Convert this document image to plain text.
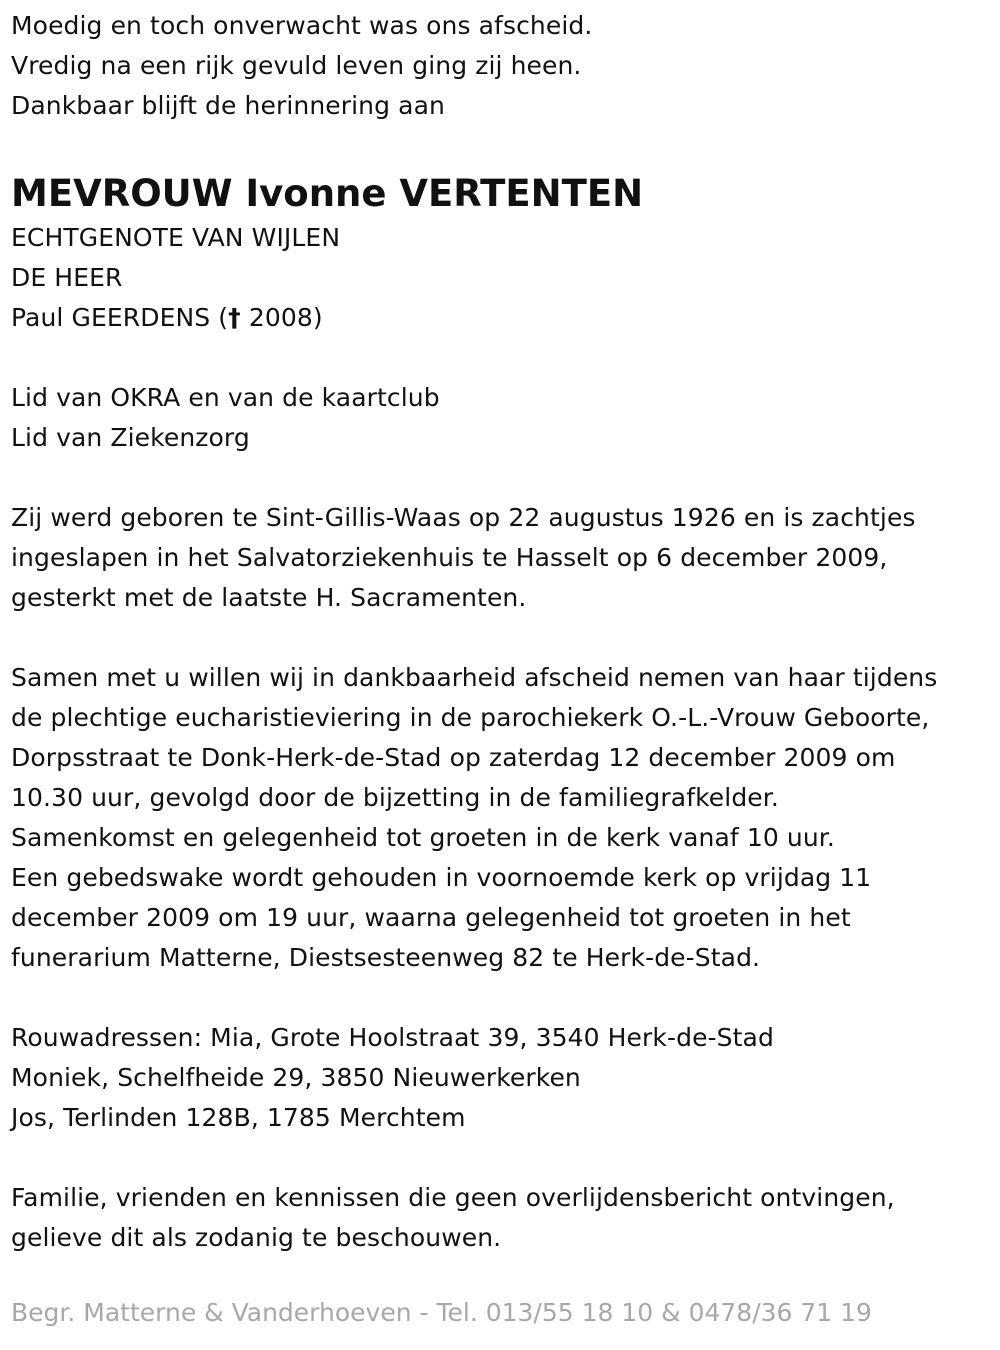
Moedig en toch onverwacht was ons afscheid.
Vredig na een rijk gevuld leven ging zij heen.
Dankbaar blijft de herinnering aan
MEVROUW Ivonne VERTENTEN
ECHTGENOTE VAN WIJLEN
DE HEER
Paul GEERDENS († 2008)
Lid van OKRA en van de kaartclub
Lid van Ziekenzorg
Zij werd geboren te Sint-Gillis-Waas op 22 augustus 1926 en is zachtjes
ingeslapen in het Salvatorziekenhuis te Hasselt op 6 december 2009,
gesterkt met de laatste H. Sacramenten.
Samen met u willen wij in dankbaarheid afscheid nemen van haar tijdens
de plechtige eucharistieviering in de parochiekerk O.-L.-Vrouw Geboorte,
Dorpsstraat te Donk-Herk-de-Stad op zaterdag 12 december 2009 om
10.30 uur, gevolgd door de bijzetting in de familiegrafkelder.
Samenkomst en gelegenheid tot groeten in de kerk vanaf 10 uur.
Een gebedswake wordt gehouden in voornoemde kerk op vrijdag 11
december 2009 om 19 uur, waarna gelegenheid tot groeten in het
funerarium Matterne, Diestsesteenweg 82 te Herk-de-Stad.
Rouwadressen: Mia, Grote Hoolstraat 39, 3540 Herk-de-Stad
Moniek, Schelfheide 29, 3850 Nieuwerkerken
Jos, Terlinden 128B, 1785 Merchtem
Familie, vrienden en kennissen die geen overlijdensbericht ontvingen,
gelieve dit als zodanig te beschouwen.
Begr. Matterne & Vanderhoeven - Tel. 013/55 18 10 & 0478/36 71 19
